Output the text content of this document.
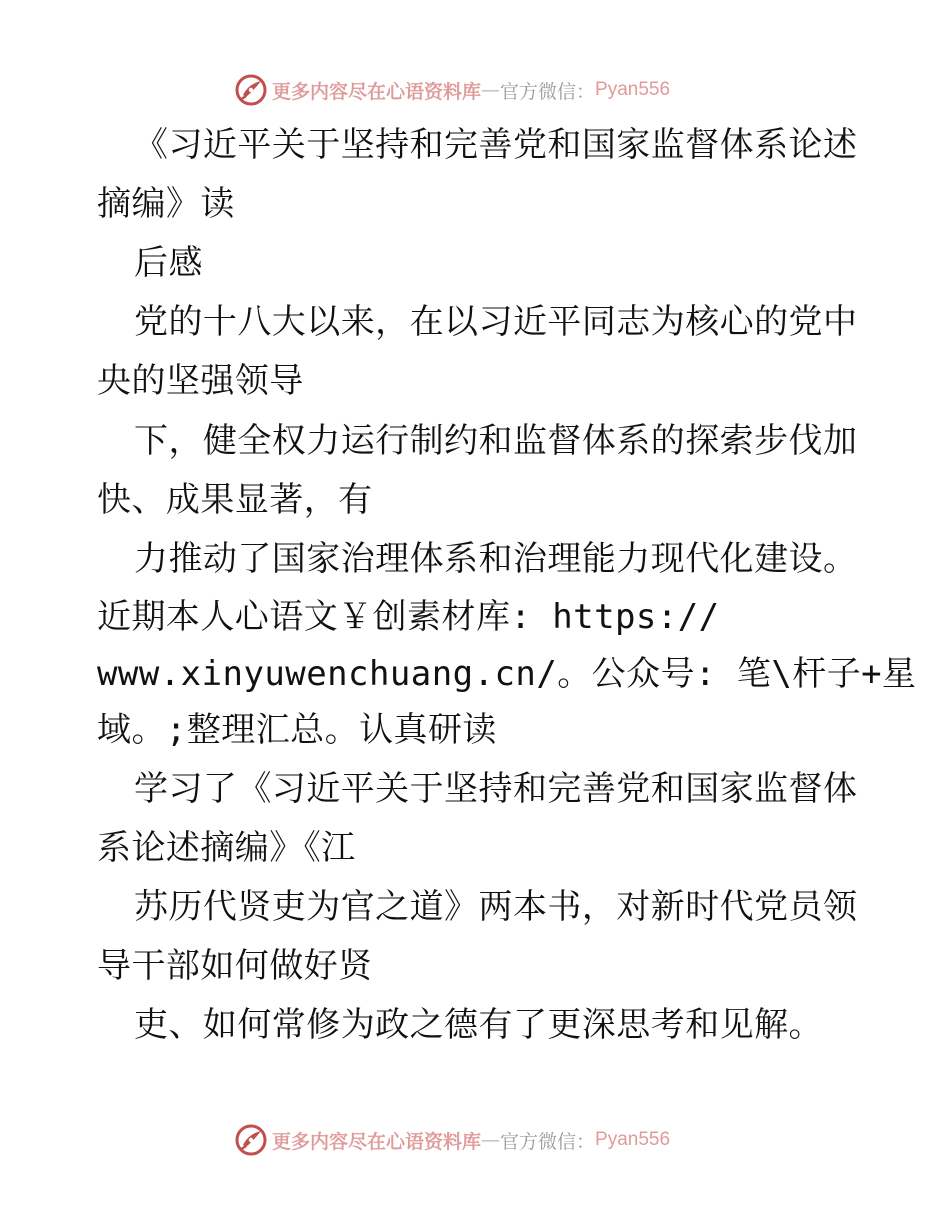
更多内容尽在心语资料库 — 官方微信： Pyan556
《习近平关于坚持和完善党和国家监督体系论述
摘编》读
后感
党的十八大以来，在以习近平同志为核心的党中
央的坚强领导
下，健全权力运行制约和监督体系的探索步伐加
快、成果显著，有
力推动了国家治理体系和治理能力现代化建设。
近期本人心语文￥创素材库: https://
www.xinyuwenchuang.cn/。公众号: 笔\杆子+星
域。;整理汇总。认真研读
学习了《习近平关于坚持和完善党和国家监督体
系论述摘编》《江
苏历代贤吏为官之道》两本书，对新时代党员领
导干部如何做好贤
吏、如何常修为政之德有了更深思考和见解。
更多内容尽在心语资料库 — 官方微信： Pyan556
